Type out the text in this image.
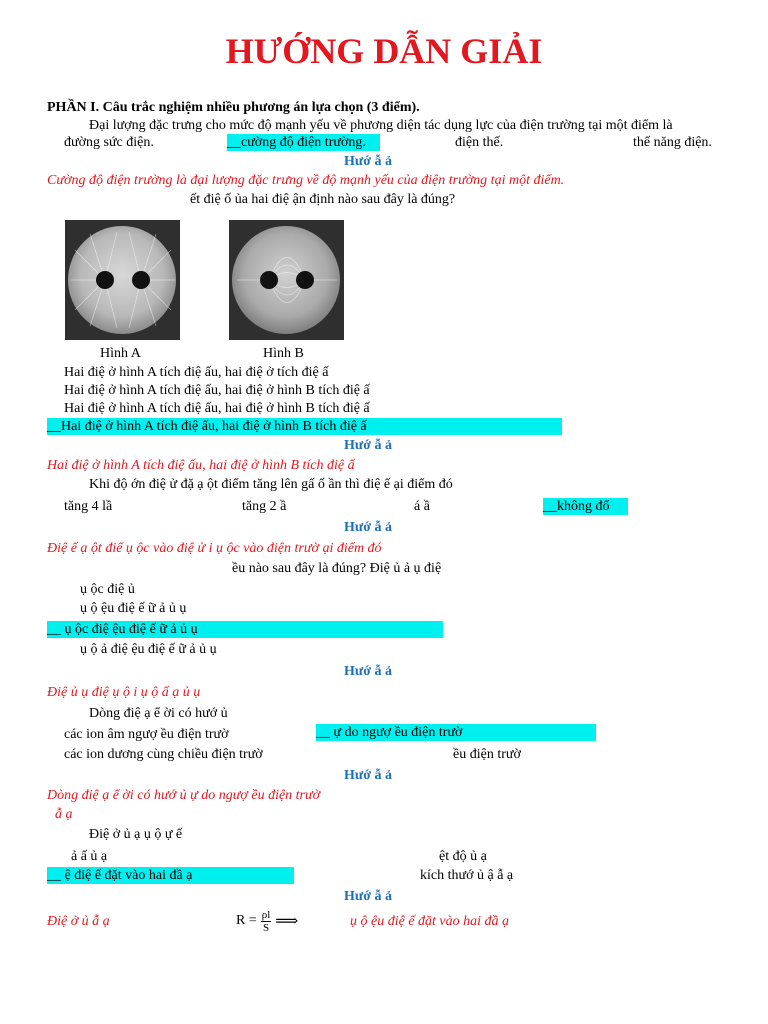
HƯỚNG DẪN GIẢI
PHẦN I. Câu trắc nghiệm nhiều phương án lựa chọn (3 điểm).
Đại lượng đặc trưng cho mức độ mạnh yếu về phương diện tác dụng lực của điện trường tại một điểm là
đường sức điện.	__cường độ điện trường.	điện thế.	thế năng điện.
Hướ ẫ ả
Cường độ điện trường là đại lượng đặc trưng về độ mạnh yếu của điện trường tại một điểm.
ết điệ ố ủa hai điệ ận định nào sau đây là đúng?
Hình A	Hình B
Hai điệ ở hình A tích điệ ấu, hai điệ ở tích điệ ấ
Hai điệ ở hình A tích điệ ấu, hai điệ ở hình B tích điệ ấ
Hai điệ ở hình A tích điệ ấu, hai điệ ở hình B tích điệ ấ
__Hai điệ ở hình A tích điệ ấu, hai điệ ở hình B tích điệ ấ
Hướ ẫ ả
Hai điệ ở hình A tích điệ ấu, hai điệ ở hình B tích điệ ấ
Khi độ ớn điệ ử đặ ạ ột điểm tăng lên gấ ố ần thì điệ ế ại điểm đó
tăng 4 lầ	tăng 2 ầ	á ầ	__không đổ
Hướ ẫ ả
Điệ ế ạ ột điể ụ ộc vào điệ ử i ụ ộc vào điện trườ ại điểm đó
ều nào sau đây là đúng? Điệ ủ ả ụ điệ
ụ ộc điệ ủ
ụ ộ ệu điệ ế ữ ả ủ ụ
__ ụ ộc điệ ệu điệ ế ữ ả ủ ụ
ụ ộ ả điệ ệu điệ ế ữ ả ủ ụ
Hướ ẫ ả
Điệ ủ ụ điệ ụ ộ i ụ ộ ấ ạ ủ ụ
Dòng điệ ạ ể ời có hướ ủ
các ion âm ngượ ều điện trườ	__ ự do ngượ ều điện trườ
các ion dương cùng chiều điện trườ	ều điện trườ
Hướ ẫ ả
Dòng điệ ạ ể ời có hướ ủ ự do ngượ ều điện trườ
ẫ ạ
Điệ ở ủ ạ ụ ộ ự ế
ả ấ ủ ạ	ệt độ ủ ạ
__ ệ điệ ế đặt vào hai đầ ạ	kích thướ ủ ậ ẫ ạ
Hướ ẫ ả
Điệ ở ủ ẫ ạ	$R = \frac{\rho l}{S}$ ⟹	ụ ộ ệu điệ ế đặt vào hai đầ ạ
